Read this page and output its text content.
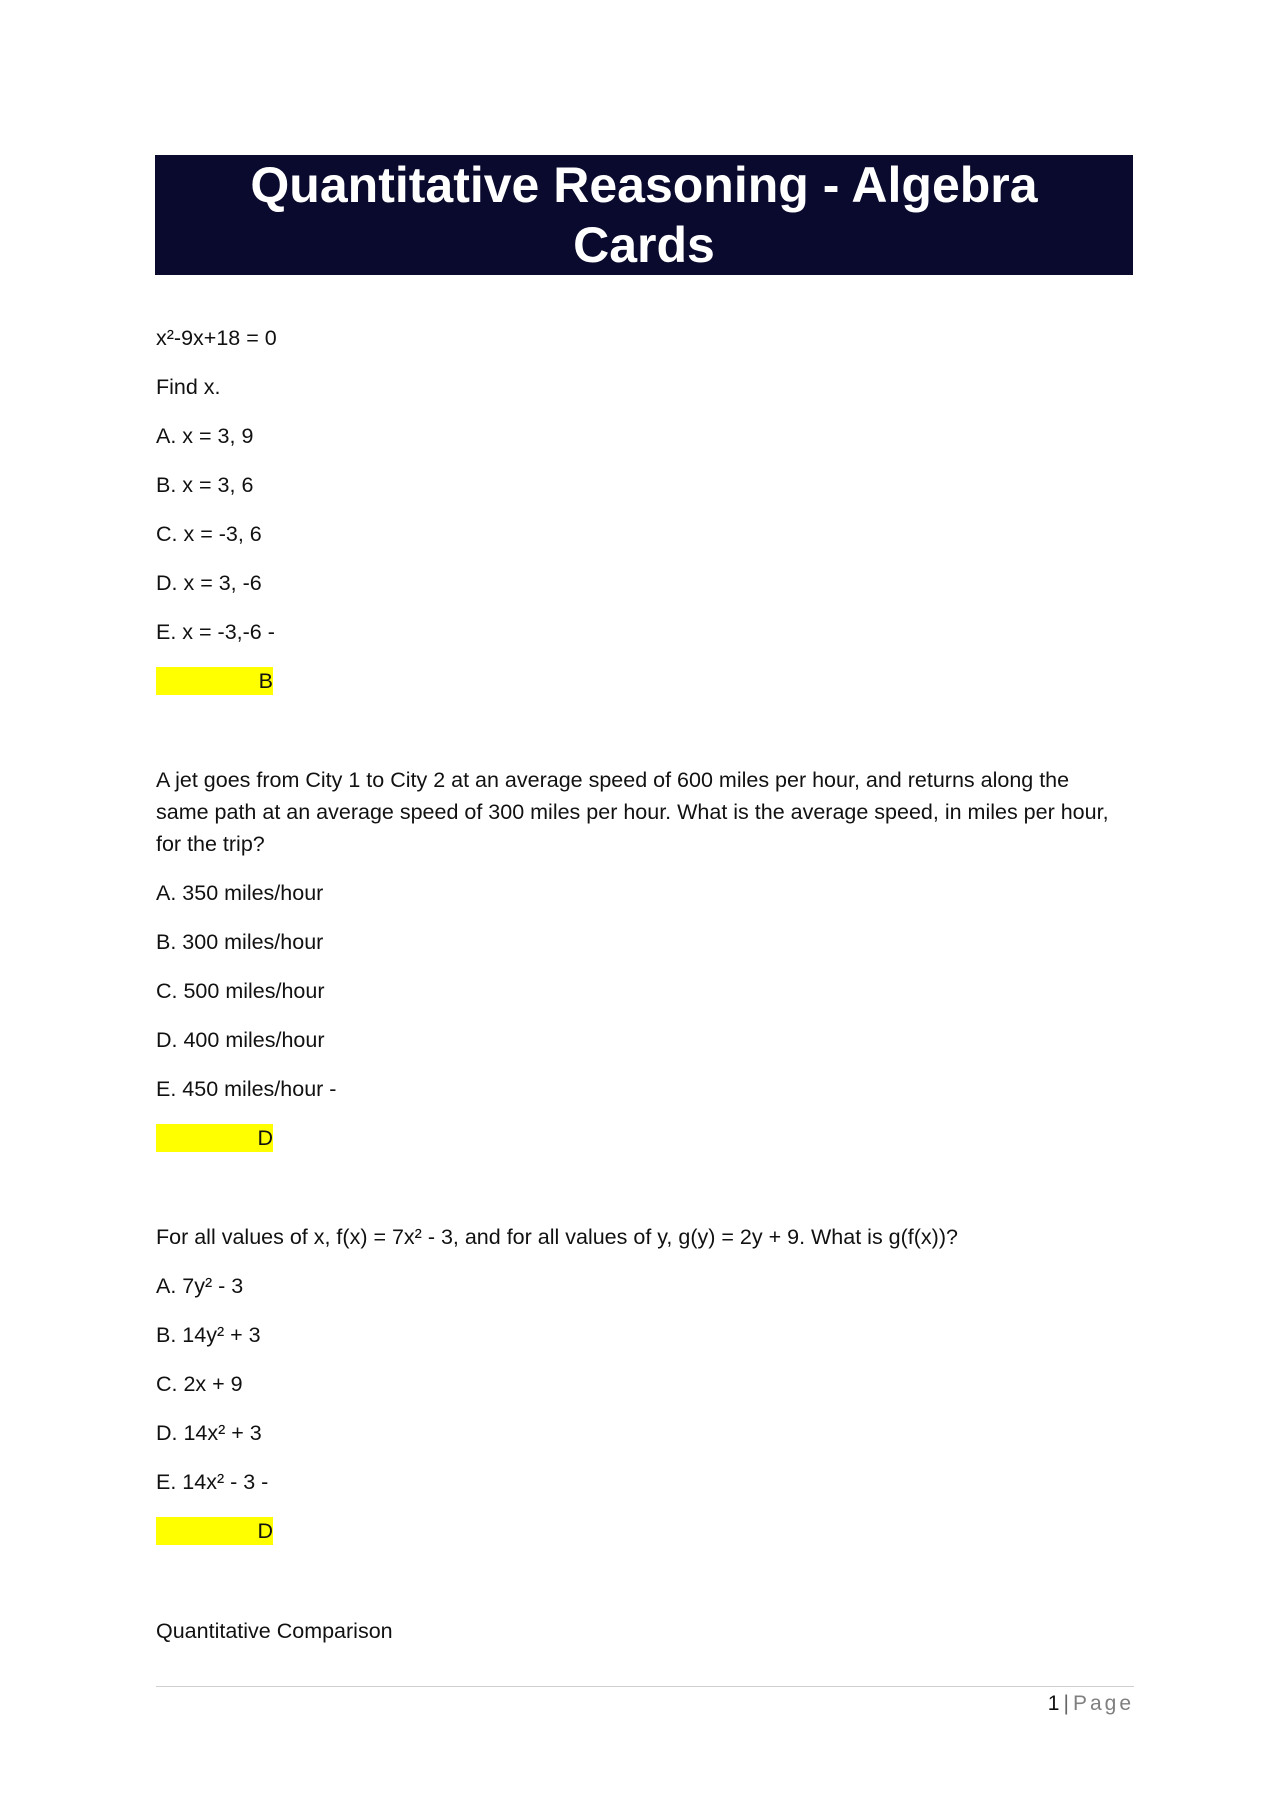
Quantitative Reasoning - Algebra
Cards
x²-9x+18 = 0
Find x.
A. x = 3, 9
B. x = 3, 6
C. x = -3, 6
D. x = 3, -6
E. x = -3,-6 -
B
A jet goes from City 1 to City 2 at an average speed of 600 miles per hour, and returns along the same path at an average speed of 300 miles per hour. What is the average speed, in miles per hour, for the trip?
A. 350 miles/hour
B. 300 miles/hour
C. 500 miles/hour
D. 400 miles/hour
E. 450 miles/hour -
D
For all values of x, f(x) = 7x² - 3, and for all values of y, g(y) = 2y + 9. What is g(f(x))?
A. 7y² - 3
B. 14y² + 3
C. 2x + 9
D. 14x² + 3
E. 14x² - 3 -
D
Quantitative Comparison
1 | Page
